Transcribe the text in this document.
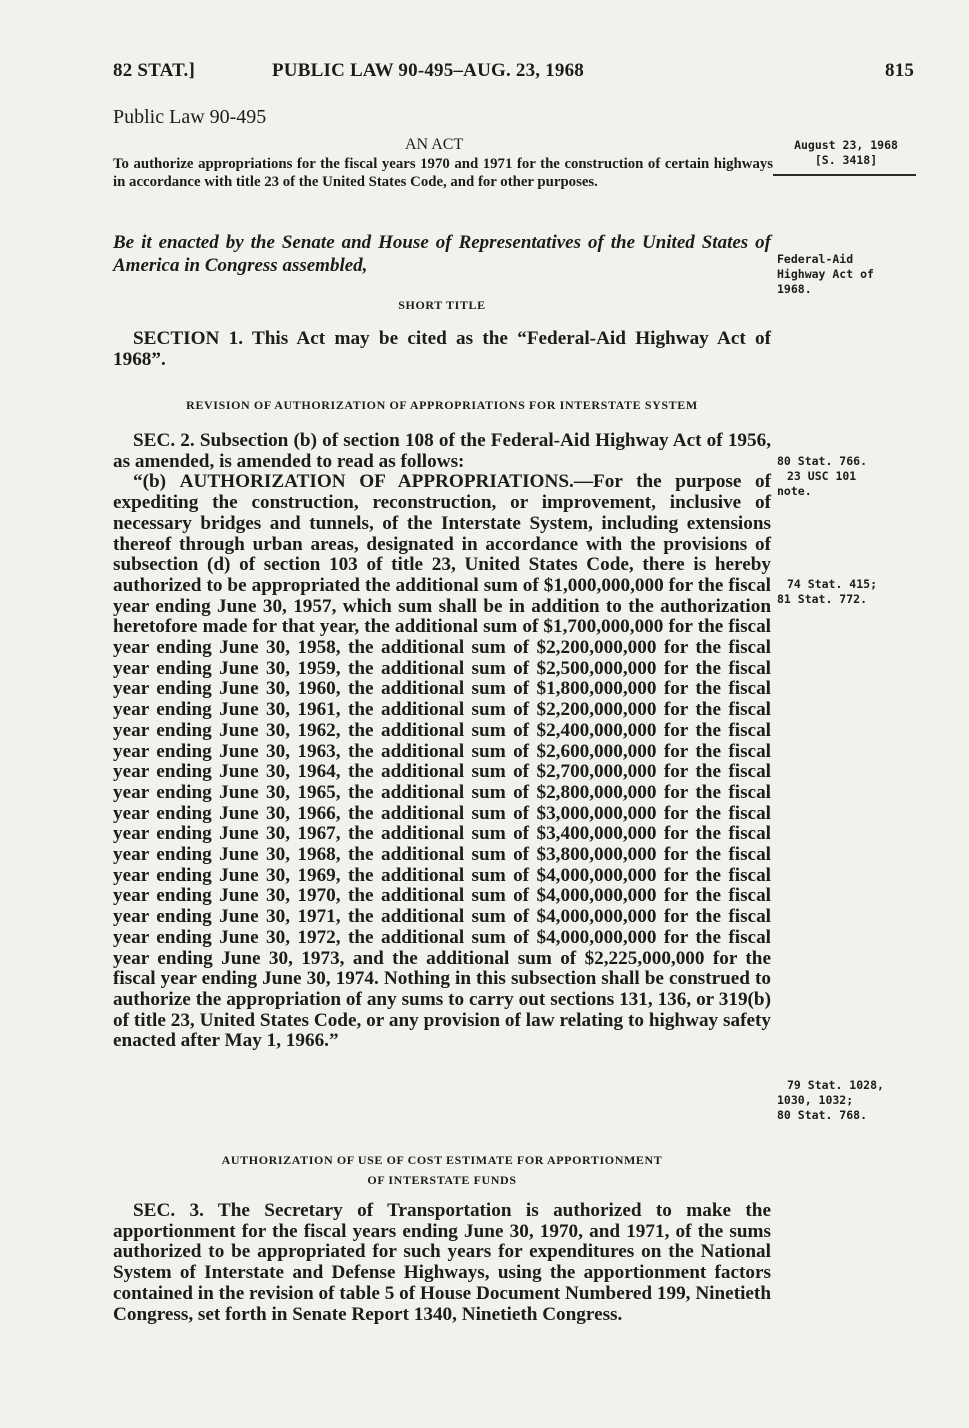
82 STAT.]	PUBLIC LAW 90-495–AUG. 23, 1968	815
Public Law 90-495
AN ACT
To authorize appropriations for the fiscal years 1970 and 1971 for the construction of certain highways in accordance with title 23 of the United States Code, and for other purposes.
August 23, 1968
[S. 3418]
Be it enacted by the Senate and House of Representatives of the United States of America in Congress assembled,	Federal-Aid
Highway Act of
1968.
SHORT TITLE
SECTION 1. This Act may be cited as the “Federal-Aid Highway Act of 1968”.
REVISION OF AUTHORIZATION OF APPROPRIATIONS FOR INTERSTATE SYSTEM
SEC. 2. Subsection (b) of section 108 of the Federal-Aid Highway Act of 1956, as amended, is amended to read as follows:
“(b) AUTHORIZATION OF APPROPRIATIONS.—For the purpose of expediting the construction, reconstruction, or improvement, inclusive of necessary bridges and tunnels, of the Interstate System, including extensions thereof through urban areas, designated in accordance with the provisions of subsection (d) of section 103 of title 23, United States Code, there is hereby authorized to be appropriated the additional sum of $1,000,000,000 for the fiscal year ending June 30, 1957, which sum shall be in addition to the authorization heretofore made for that year, the additional sum of $1,700,000,000 for the fiscal year ending June 30, 1958, the additional sum of $2,200,000,000 for the fiscal year ending June 30, 1959, the additional sum of $2,500,000,000 for the fiscal year ending June 30, 1960, the additional sum of $1,800,000,000 for the fiscal year ending June 30, 1961, the additional sum of $2,200,000,000 for the fiscal year ending June 30, 1962, the additional sum of $2,400,000,000 for the fiscal year ending June 30, 1963, the additional sum of $2,600,000,000 for the fiscal year ending June 30, 1964, the additional sum of $2,700,000,000 for the fiscal year ending June 30, 1965, the additional sum of $2,800,000,000 for the fiscal year ending June 30, 1966, the additional sum of $3,000,000,000 for the fiscal year ending June 30, 1967, the additional sum of $3,400,000,000 for the fiscal year ending June 30, 1968, the additional sum of $3,800,000,000 for the fiscal year ending June 30, 1969, the additional sum of $4,000,000,000 for the fiscal year ending June 30, 1970, the additional sum of $4,000,000,000 for the fiscal year ending June 30, 1971, the additional sum of $4,000,000,000 for the fiscal year ending June 30, 1972, the additional sum of $4,000,000,000 for the fiscal year ending June 30, 1973, and the additional sum of $2,225,000,000 for the fiscal year ending June 30, 1974. Nothing in this subsection shall be construed to authorize the appropriation of any sums to carry out sections 131, 136, or 319(b) of title 23, United States Code, or any provision of law relating to highway safety enacted after May 1, 1966.”
80 Stat. 766.
23 USC 101
note.
74 Stat. 415;
81 Stat. 772.
79 Stat. 1028,
1030, 1032;
80 Stat. 768.
AUTHORIZATION OF USE OF COST ESTIMATE FOR APPORTIONMENT
OF INTERSTATE FUNDS
SEC. 3. The Secretary of Transportation is authorized to make the apportionment for the fiscal years ending June 30, 1970, and 1971, of the sums authorized to be appropriated for such years for expenditures on the National System of Interstate and Defense Highways, using the apportionment factors contained in the revision of table 5 of House Document Numbered 199, Ninetieth Congress, set forth in Senate Report 1340, Ninetieth Congress.
